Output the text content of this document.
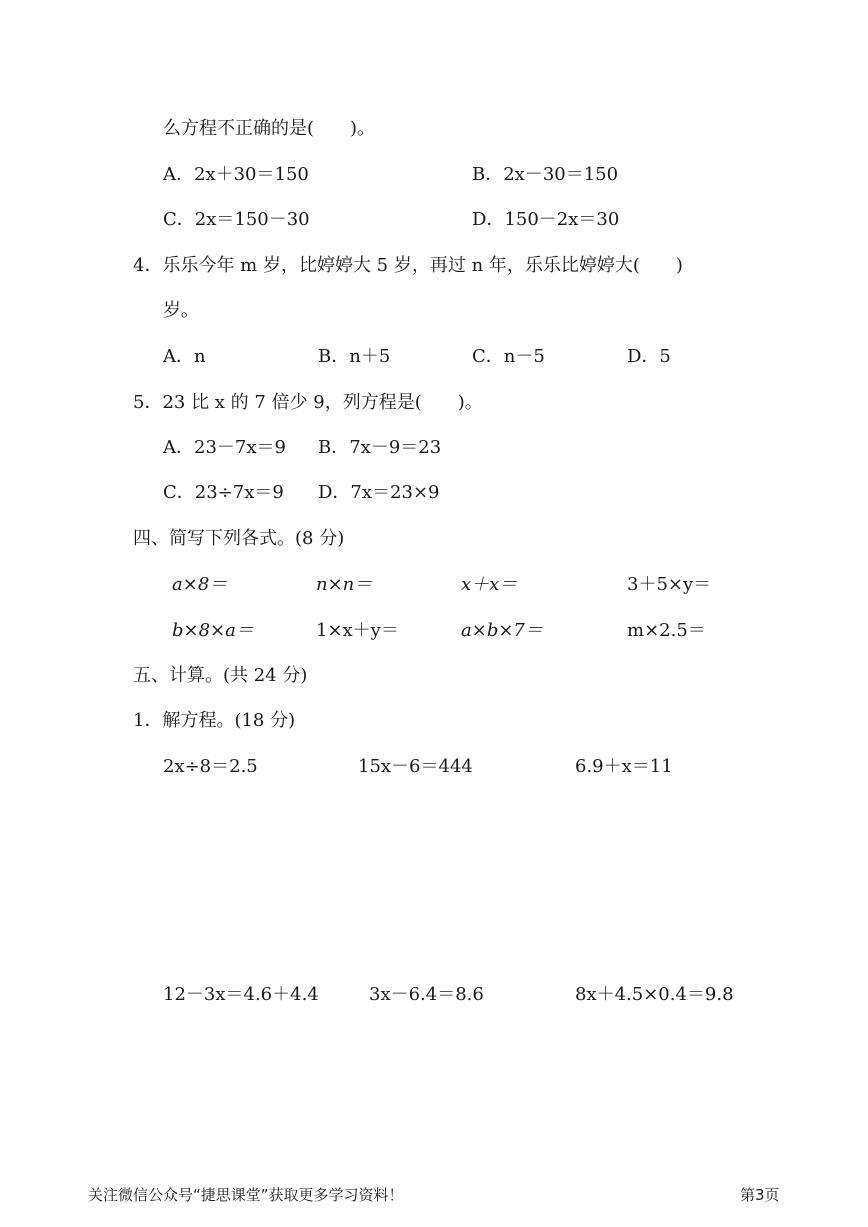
么方程不正确的是(　　)。
A．2x＋30＝150	B．2x－30＝150
C．2x＝150－30	D．150－2x＝30
4．乐乐今年 m 岁，比婷婷大 5 岁，再过 n 年，乐乐比婷婷大(　　)
岁。
A．n	B．n＋5	C．n－5	D．5
5．23 比 x 的 7 倍少 9，列方程是(　　)。
A．23－7x＝9 B．7x－9＝23
C．23÷7x＝9 D．7x＝23×9
四、简写下列各式。(8 分)
a×8＝	n×n＝	x＋x＝	3＋5×y＝
b×8×a＝	1×x＋y＝	a×b×7＝	m×2.5＝
五、计算。(共 24 分)
1．解方程。(18 分)
2x÷8＝2.5	15x－6＝444	6.9＋x＝11
12－3x＝4.6＋4.4	3x－6.4＝8.6	8x＋4.5×0.4＝9.8
关注微信公众号“捷思课堂”获取更多学习资料！	第3页
